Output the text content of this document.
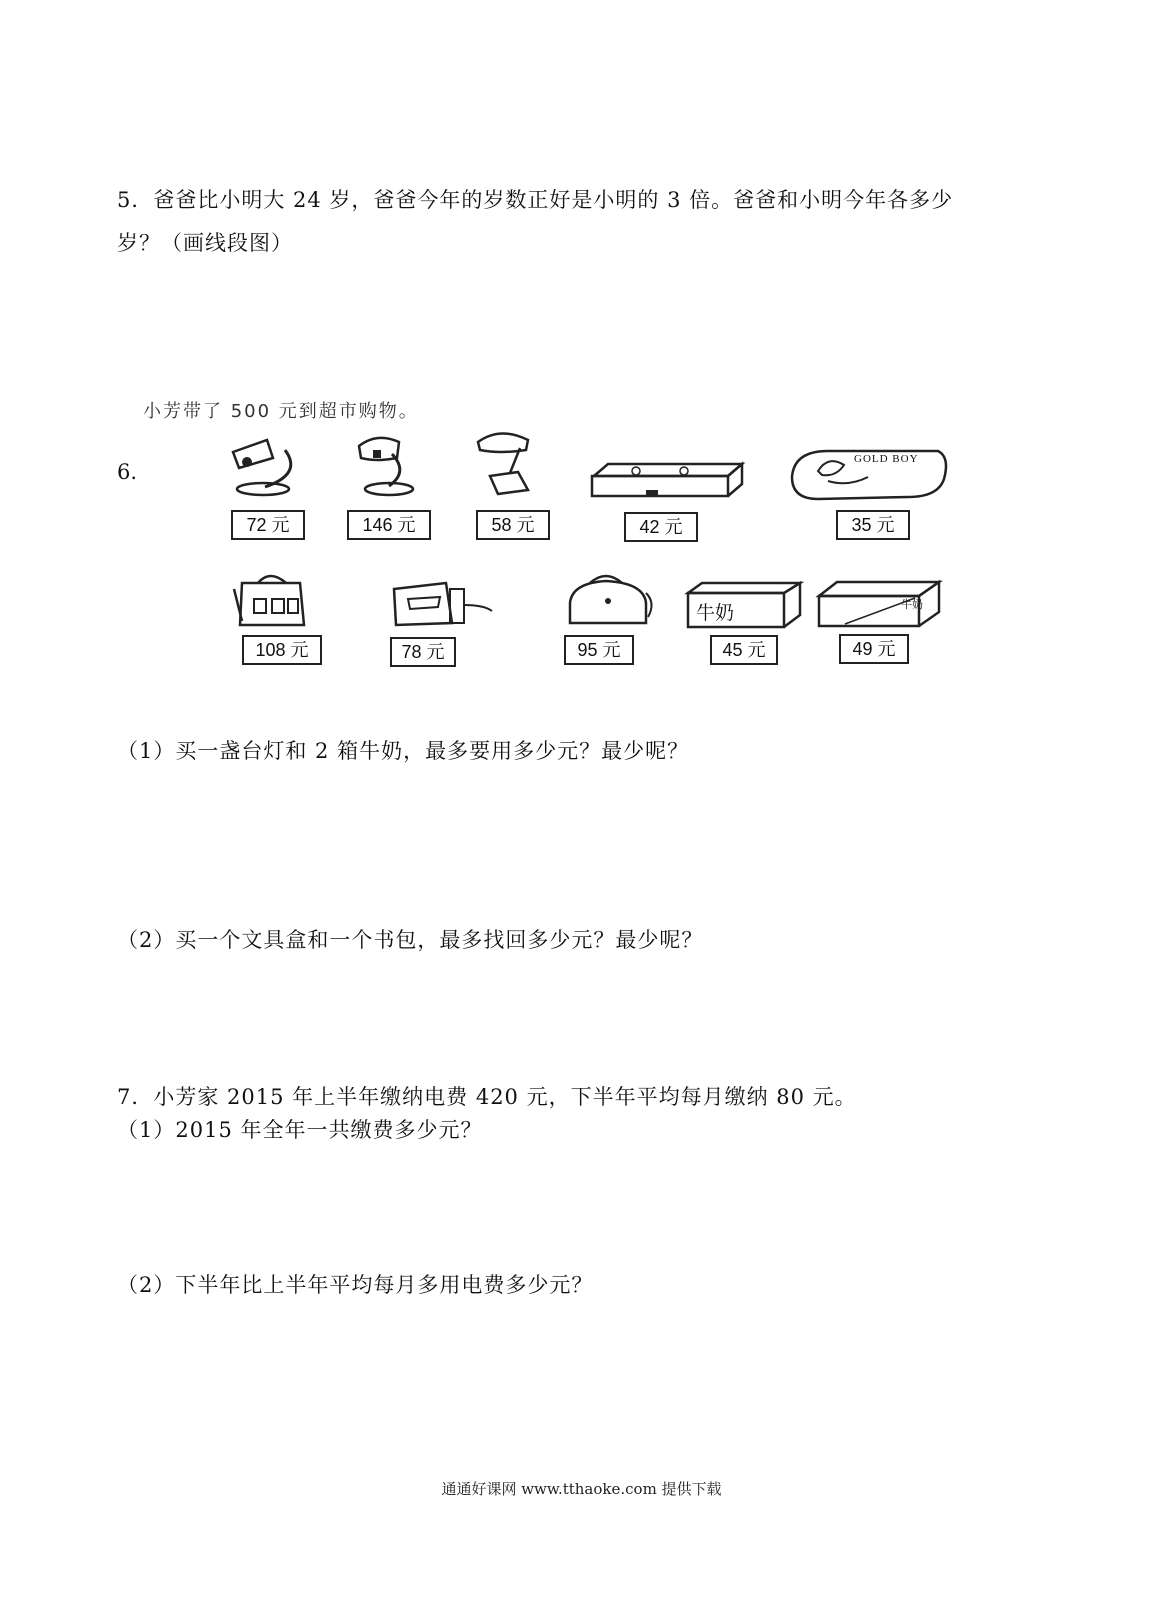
5．爸爸比小明大 24 岁，爸爸今年的岁数正好是小明的 3 倍。爸爸和小明今年各多少
岁？（画线段图）
小芳带了 500 元到超市购物。
6.
72 元	146 元	58 元	42 元
GOLD BOY
35 元
108 元	78 元	95 元
牛奶
45 元
牛奶
49 元
（1）买一盏台灯和 2 箱牛奶，最多要用多少元？最少呢？
（2）买一个文具盒和一个书包，最多找回多少元？最少呢？
7．小芳家 2015 年上半年缴纳电费 420 元，下半年平均每月缴纳 80 元。
（1）2015 年全年一共缴费多少元？
（2）下半年比上半年平均每月多用电费多少元？
通通好课网 www.tthaoke.com 提供下载
